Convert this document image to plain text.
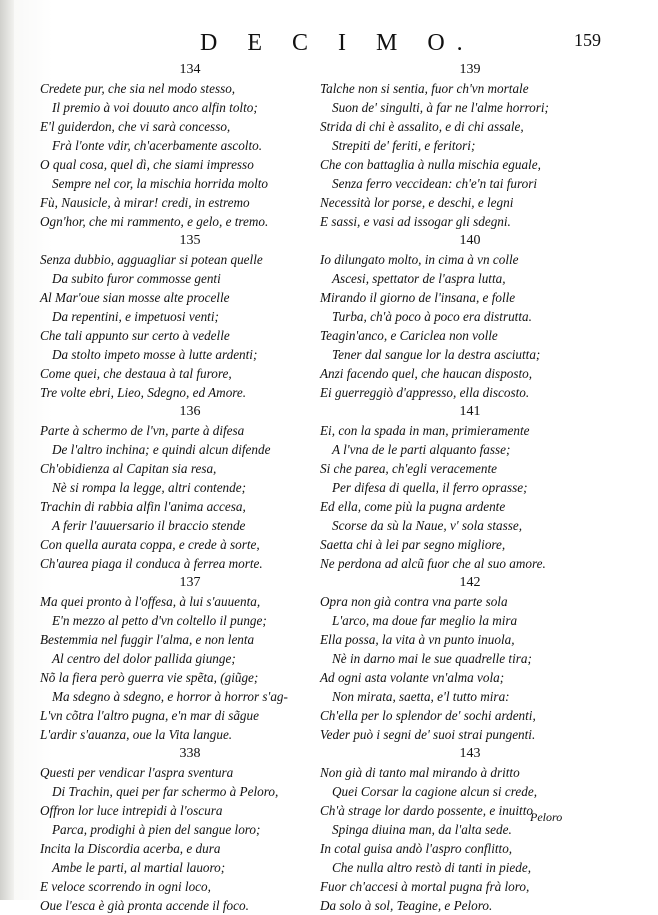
D E C I M O.	159
134
Credete pur, che sia nel modo stesso,
Il premio à voi douuto anco alfin tolto;
E'l guiderdon, che vi sarà concesso,
Frà l'onte vdir, ch'acerbamente ascolto.
O qual cosa, quel dì, che siami impresso
Sempre nel cor, la mischia horrida molto
Fù, Nausicle, à mirar! credi, in estremo
Ogn'hor, che mi rammento, e gelo, e tremo.
135
Senza dubbio, agguagliar si potean quelle
Da subito furor commosse genti
Al Mar'oue sian mosse alte procelle
Da repentini, e impetuosi venti;
Che tali appunto sur certo à vedelle
Da stolto impeto mosse à lutte ardenti;
Come quei, che destaua à tal furore,
Tre volte ebri, Lieo, Sdegno, ed Amore.
136
Parte à schermo de l'vn, parte à difesa
De l'altro inchina; e quindi alcun difende
Ch'obidienza al Capitan sia resa,
Nè si rompa la legge, altri contende;
Trachin di rabbia alfin l'anima accesa,
A ferir l'auuersario il braccio stende
Con quella aurata coppa, e crede à sorte,
Ch'aurea piaga il conduca à ferrea morte.
137
Ma quei pronto à l'offesa, à lui s'auuenta,
E'n mezzo al petto d'vn coltello il punge;
Bestemmia nel fuggir l'alma, e non lenta
Al centro del dolor pallida giunge;
Nõ la fiera però guerra vie spẽta, (giũge;
Ma sdegno à sdegno, e horror à horror s'ag-
L'vn cõtra l'altro pugna, e'n mar di sãgue
L'ardir s'auanza, oue la Vita langue.
338
Questi per vendicar l'aspra sventura
Di Trachin, quei per far schermo à Peloro,
Offron lor luce intrepidi à l'oscura
Parca, prodighi à pien del sangue loro;
Incita la Discordia acerba, e dura
Ambe le parti, al martial lauoro;
E veloce scorrendo in ogni loco,
Oue l'esca è già pronta accende il foco.
139
Talche non si sentia, fuor ch'vn mortale
Suon de' singulti, à far ne l'alme horrori;
Strida di chi è assalito, e di chi assale,
Strepiti de' feriti, e feritori;
Che con battaglia à nulla mischia eguale,
Senza ferro veccidean: ch'e'n tai furori
Necessità lor porse, e deschi, e legni
E sassi, e vasi ad issogar gli sdegni.
140
Io dilungato molto, in cima à vn colle
Ascesi, spettator de l'aspra lutta,
Mirando il giorno de l'insana, e folle
Turba, ch'à poco à poco era distrutta.
Teagin'anco, e Cariclea non volle
Tener dal sangue lor la destra asciutta;
Anzi facendo quel, che haucan disposto,
Ei guerreggiò d'appresso, ella discosto.
141
Ei, con la spada in man, primieramente
A l'vna de le parti alquanto fasse;
Si che parea, ch'egli veracemente
Per difesa di quella, il ferro oprasse;
Ed ella, come più la pugna ardente
Scorse da sù la Naue, v' sola stasse,
Saetta chi à lei par segno migliore,
Ne perdona ad alcũ fuor che al suo amore.
142
Opra non già contra vna parte sola
L'arco, ma doue far meglio la mira
Ella possa, la vita à vn punto inuola,
Nè in darno mai le sue quadrelle tira;
Ad ogni asta volante vn'alma vola;
Non mirata, saetta, e'l tutto mira:
Ch'ella per lo splendor de' sochi ardenti,
Veder può i segni de' suoi strai pungenti.
143
Non già di tanto mal mirando à dritto
Quei Corsar la cagione alcun si crede,
Ch'à strage lor dardo possente, e inuitto
Spinga diuina man, da l'alta sede.
In cotal guisa andò l'aspro conflitto,
Che nulla altro restò di tanti in piede,
Fuor ch'accesi à mortal pugna frà loro,
Da solo à sol, Teagine, e Peloro.
Peloro
